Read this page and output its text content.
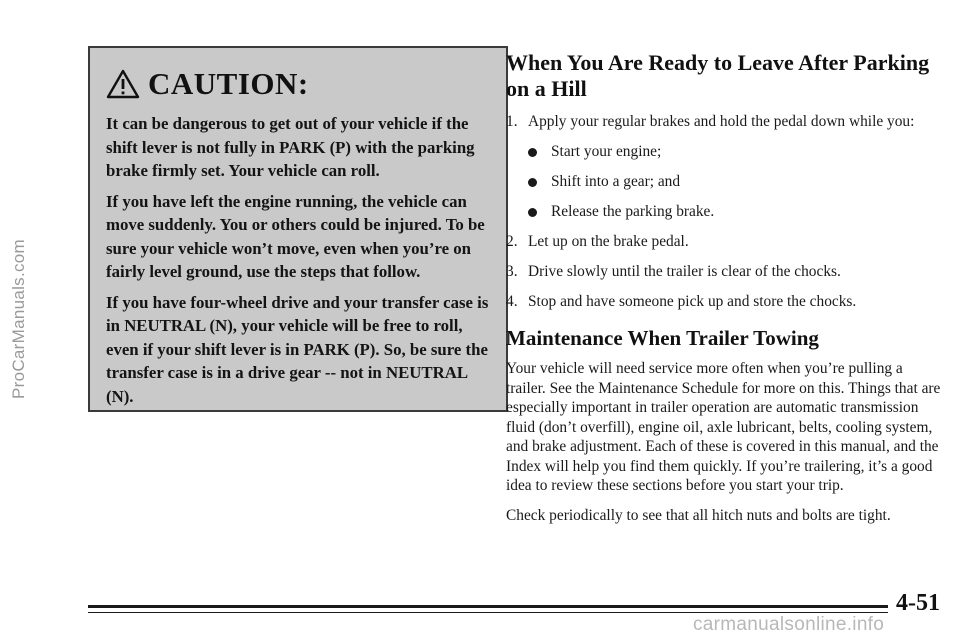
ProCarManuals.com
CAUTION:

It can be dangerous to get out of your vehicle if the shift lever is not fully in PARK (P) with the parking brake firmly set. Your vehicle can roll.

If you have left the engine running, the vehicle can move suddenly. You or others could be injured. To be sure your vehicle won’t move, even when you’re on fairly level ground, use the steps that follow.

If you have four-wheel drive and your transfer case is in NEUTRAL (N), your vehicle will be free to roll, even if your shift lever is in PARK (P). So, be sure the transfer case is in a drive gear -- not in NEUTRAL (N).

When You Are Ready to Leave After Parking on a Hill
1. Apply your regular brakes and hold the pedal down while you:
Start your engine;
Shift into a gear; and
Release the parking brake.
2. Let up on the brake pedal.
3. Drive slowly until the trailer is clear of the chocks.
4. Stop and have someone pick up and store the chocks.
Maintenance When Trailer Towing

Your vehicle will need service more often when you’re pulling a trailer. See the Maintenance Schedule for more on this. Things that are especially important in trailer operation are automatic transmission fluid (don’t overfill), engine oil, axle lubricant, belts, cooling system, and brake adjustment. Each of these is covered in this manual, and the Index will help you find them quickly. If you’re trailering, it’s a good idea to review these sections before you start your trip.

Check periodically to see that all hitch nuts and bolts are tight.

4-51
carmanualsonline.info
